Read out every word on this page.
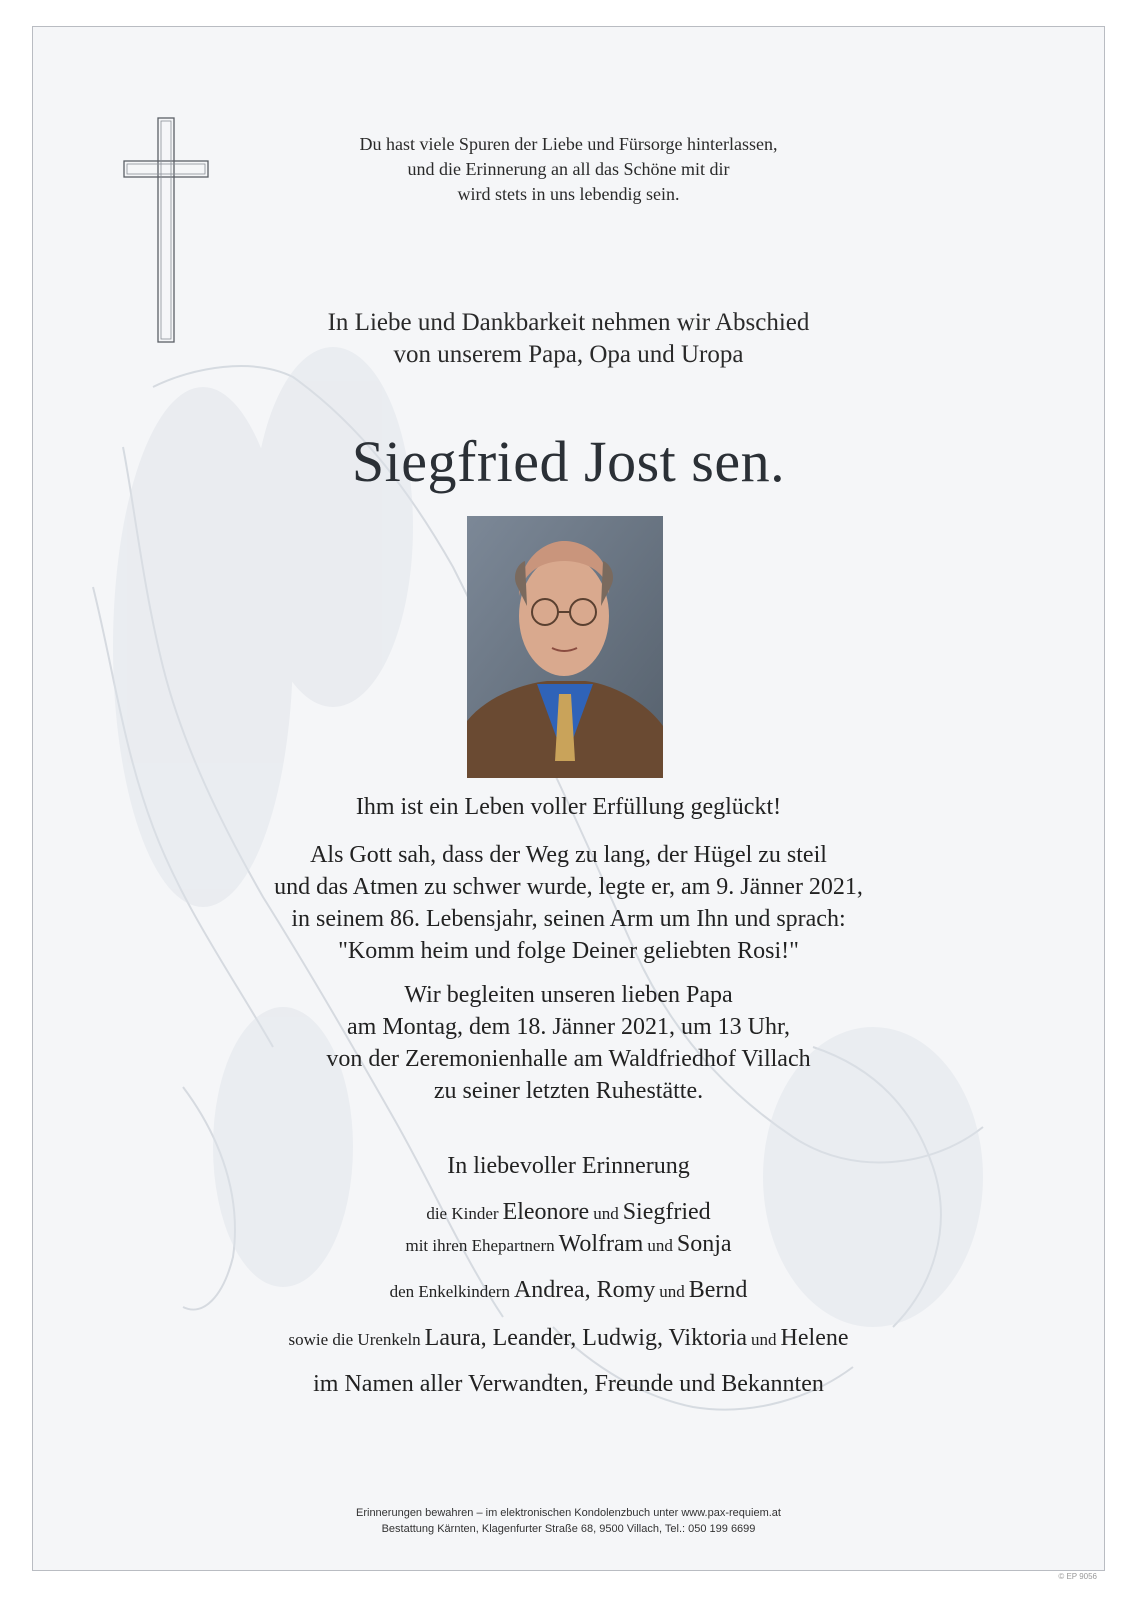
Du hast viele Spuren der Liebe und Fürsorge hinterlassen,
und die Erinnerung an all das Schöne mit dir
wird stets in uns lebendig sein.
In Liebe und Dankbarkeit nehmen wir Abschied
von unserem Papa, Opa und Uropa
Siegfried Jost sen.
Ihm ist ein Leben voller Erfüllung geglückt!
Als Gott sah, dass der Weg zu lang, der Hügel zu steil
und das Atmen zu schwer wurde, legte er, am 9. Jänner 2021,
in seinem 86. Lebensjahr, seinen Arm um Ihn und sprach:
"Komm heim und folge Deiner geliebten Rosi!"
Wir begleiten unseren lieben Papa
am Montag, dem 18. Jänner 2021, um 13 Uhr,
von der Zeremonienhalle am Waldfriedhof Villach
zu seiner letzten Ruhestätte.
In liebevoller Erinnerung
die Kinder Eleonore und Siegfried
mit ihren Ehepartnern Wolfram und Sonja
den Enkelkindern Andrea, Romy und Bernd
sowie die Urenkeln Laura, Leander, Ludwig, Viktoria und Helene
im Namen aller Verwandten, Freunde und Bekannten
Erinnerungen bewahren – im elektronischen Kondolenzbuch unter www.pax-requiem.at
Bestattung Kärnten, Klagenfurter Straße 68, 9500 Villach, Tel.: 050 199 6699
© EP 9056
